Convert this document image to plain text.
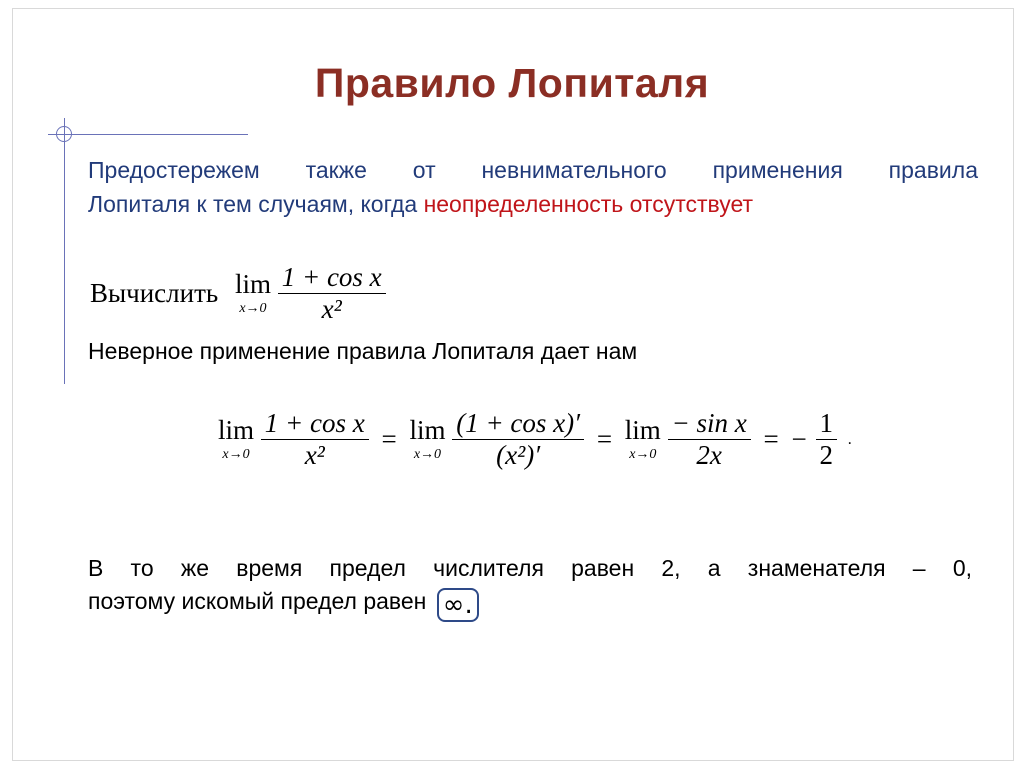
Правило Лопиталя
Предостережем также от невнимательного применения правила
Лопиталя к тем случаям, когда неопределенность отсутствует
Вычислить lim
x→0
$\frac{\text{1 + cos x}}{\text{x²}}$
Неверное применение правила Лопиталя дает нам
lim
x→0
$\frac{\text{1 + cos x}}{\text{x²}} = \lim$
x→0
$\frac{\text{(1 + cos x)′}}{\text{(x²)′}} = \lim$
x→0
$\frac{\text{− sin x}}{2x}$ = − $\frac{1}{2}$ .
В то же время предел числителя равен 2, а знаменателя – 0,
поэтому искомый предел равен ∞.
